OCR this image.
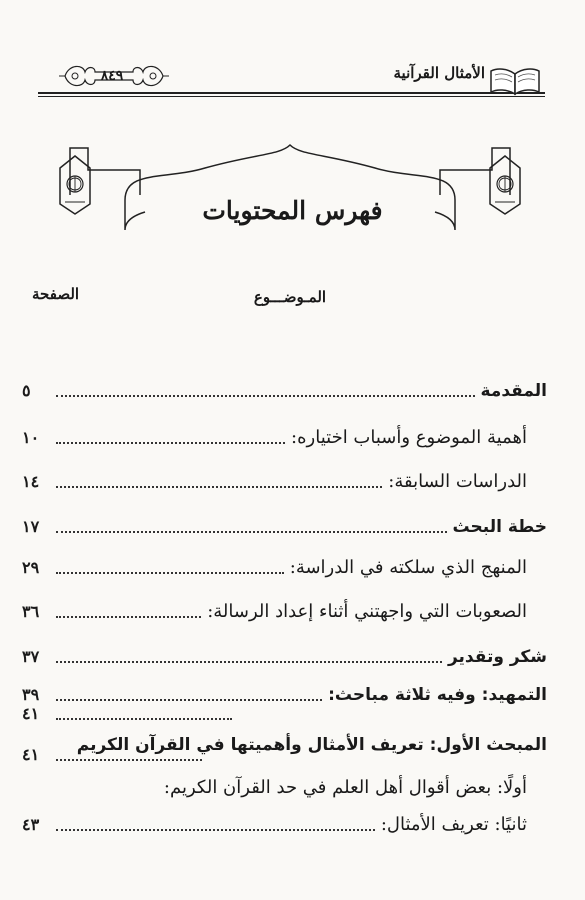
الأمثال القرآنية
٨٤٩
فهرس المحتويات
المـوضـــوع
الصفحة
المقدمة
٥
أهمية الموضوع وأسباب اختياره:
١٠
الدراسات السابقة:
١٤
خطة البحث
١٧
المنهج الذي سلكته في الدراسة:
٢٩
الصعوبات التي واجهتني أثناء إعداد الرسالة:
٣٦
شكر وتقدير
٣٧
التمهيد: وفيه ثلاثة مباحث:
٣٩
٤١
المبحث الأول: تعريف الأمثال وأهميتها في القرآن الكريم
٤١
أولًا: بعض أقوال أهل العلم في حد القرآن الكريم:
ثانيًا: تعريف الأمثال:
٤٣
